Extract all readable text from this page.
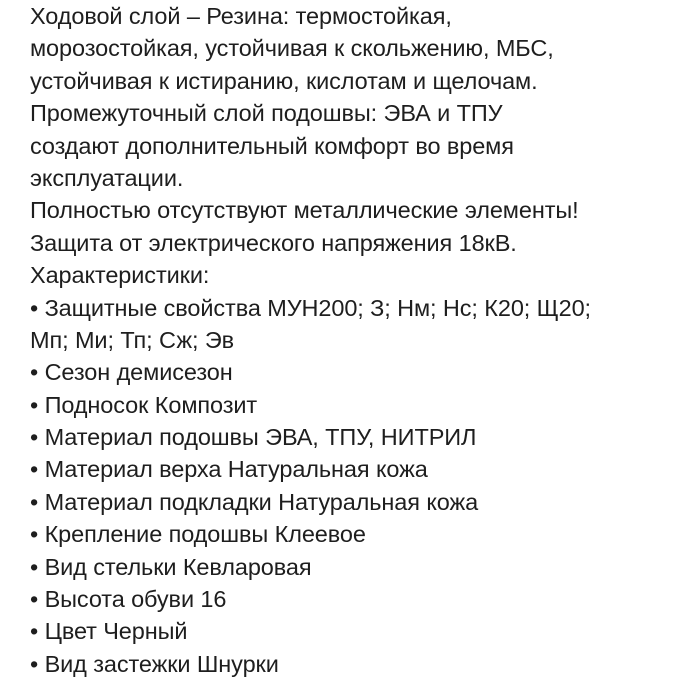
Ходовой слой – Резина: термостойкая,
морозостойкая, устойчивая к скольжению, МБС,
устойчивая к истиранию, кислотам и щелочам.
Промежуточный слой подошвы: ЭВА и ТПУ
создают дополнительный комфорт во время
эксплуатации.
Полностью отсутствуют металлические элементы!
Защита от электрического напряжения 18кВ.
Характеристики:
• Защитные свойства МУН200; З; Нм; Нс; К20; Щ20;
Мп; Ми; Тп; Сж; Эв
• Сезон демисезон
• Подносок Композит
• Материал подошвы ЭВА, ТПУ, НИТРИЛ
• Материал верха Натуральная кожа
• Материал подкладки Натуральная кожа
• Крепление подошвы Клеевое
• Вид стельки Кевларовая
• Высота обуви 16
• Цвет Черный
• Вид застежки Шнурки
